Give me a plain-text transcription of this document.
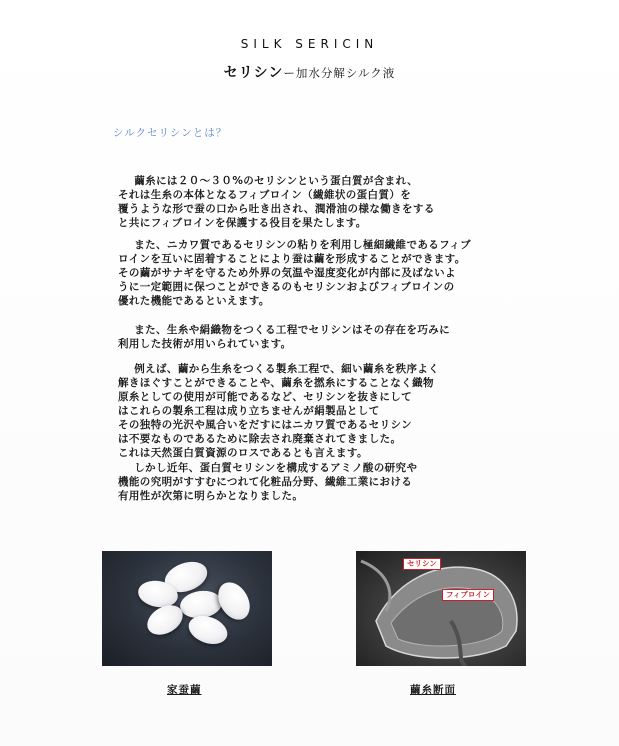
SILK SERICIN
セリシンー加水分解シルク液
シルクセリシンとは？
繭糸には２０～３０%のセリシンという蛋白質が含まれ、
それは生糸の本体となるフィブロイン（繊維状の蛋白質）を
覆うような形で蚕の口から吐き出され、潤滑油の様な働きをする
と共にフィブロインを保護する役目を果たします。
また、ニカワ質であるセリシンの粘りを利用し極細繊維であるフィブ
ロインを互いに固着することにより蚕は繭を形成することができます。
その繭がサナギを守るため外界の気温や湿度変化が内部に及ばないよ
うに一定範囲に保つことができるのもセリシンおよびフィブロインの
優れた機能であるといえます。
また、生糸や絹織物をつくる工程でセリシンはその存在を巧みに
利用した技術が用いられています。
例えば、繭から生糸をつくる製糸工程で、細い繭糸を秩序よく
解きほぐすことができることや、繭糸を撚糸にすることなく織物
原糸としての使用が可能であるなど、セリシンを抜きにして
はこれらの製糸工程は成り立ちませんが絹製品として
その独特の光沢や風合いをだすにはニカワ質であるセリシン
は不要なものであるために除去され廃棄されてきました。
これは天然蛋白質資源のロスであるとも言えます。
しかし近年、蛋白質セリシンを構成するアミノ酸の研究や
機能の究明がすすむにつれて化粧品分野、繊維工業における
有用性が次第に明らかとなりました。
セリシン
フィブロイン
家蚕繭	繭糸断面
